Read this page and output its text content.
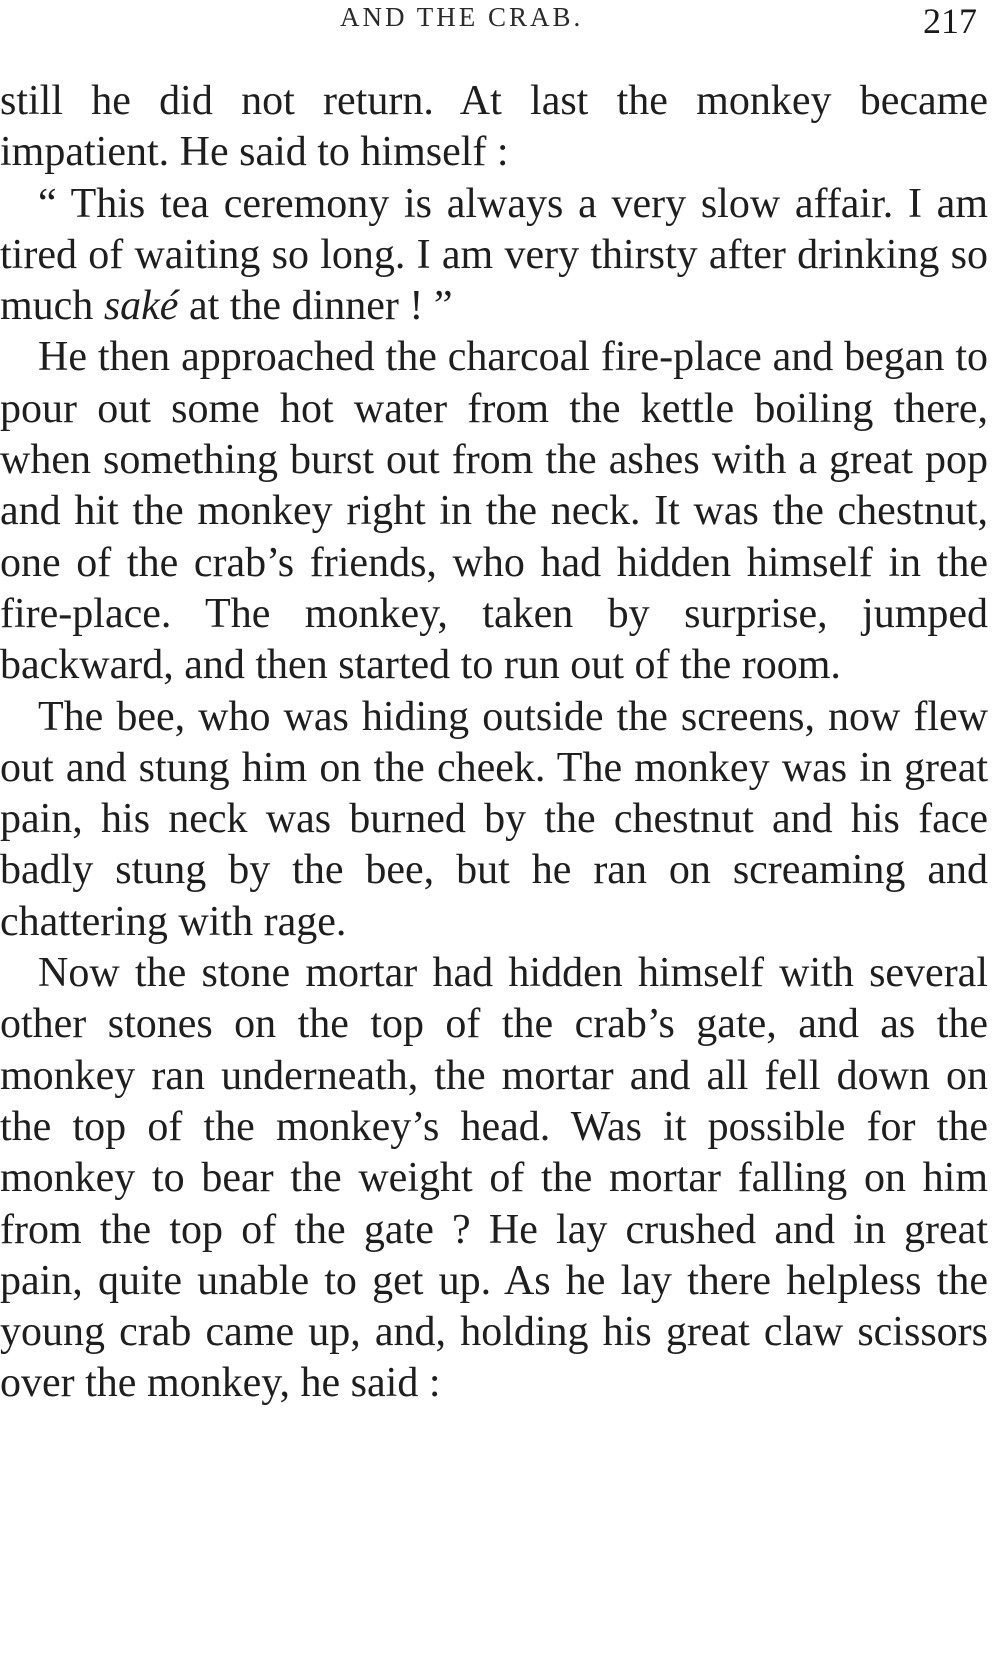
AND THE CRAB.	217

still he did not return. At last the monkey became impatient. He said to himself :

“ This tea ceremony is always a very slow affair. I am tired of waiting so long. I am very thirsty after drinking so much saké at the dinner ! ”

He then approached the charcoal fire-place and began to pour out some hot water from the kettle boiling there, when something burst out from the ashes with a great pop and hit the monkey right in the neck. It was the chestnut, one of the crab’s friends, who had hidden himself in the fire-place. The monkey, taken by surprise, jumped backward, and then started to run out of the room.

The bee, who was hiding outside the screens, now flew out and stung him on the cheek. The monkey was in great pain, his neck was burned by the chestnut and his face badly stung by the bee, but he ran on screaming and chattering with rage.

Now the stone mortar had hidden himself with several other stones on the top of the crab’s gate, and as the monkey ran underneath, the mortar and all fell down on the top of the monkey’s head. Was it possible for the monkey to bear the weight of the mortar falling on him from the top of the gate ? He lay crushed and in great pain, quite unable to get up. As he lay there helpless the young crab came up, and, holding his great claw scissors over the monkey, he said :
